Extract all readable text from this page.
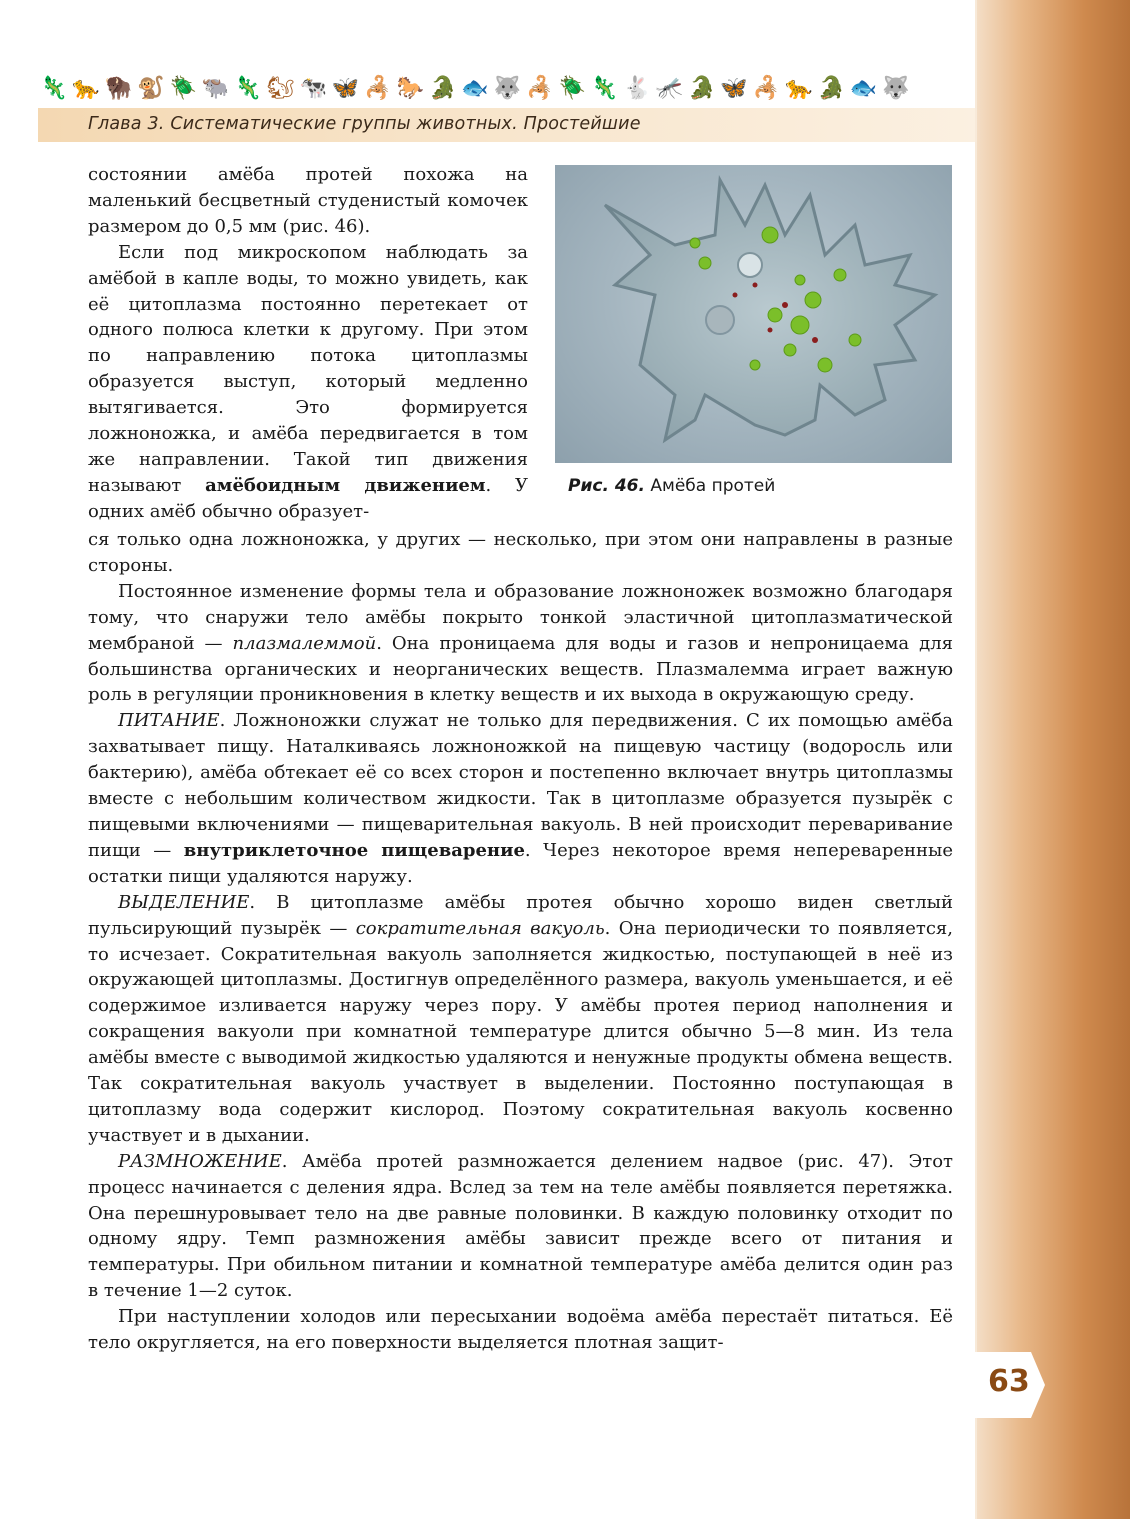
🦎 🐆 🦬 🐒 🪲 🐃 🦎 🐿 🐄 🦋 🦂 🐎 🐊 🐟 🐺 🦂 🪲 🦎 🐇 🦟 🐊 🦋 🦂 🐆 🐊 🐟 🐺
Глава 3. Систематические группы животных. Простейшие
Рис. 46. Амёба протей

состоянии амёба протей похожа на маленький бесцветный студенистый комочек размером до 0,5 мм (рис. 46).

Если под микроскопом наблюдать за амёбой в капле воды, то можно увидеть, как её цитоплазма постоянно перетекает от одного полюса клетки к другому. При этом по направлению потока цитоплазмы образуется выступ, который медленно вытягивается. Это формируется ложноножка, и амёба передвигается в том же направлении. Такой тип движения называют амёбоидным движением. У одних амёб обычно образует-

ся только одна ложноножка, у других — несколько, при этом они направлены в разные стороны.

Постоянное изменение формы тела и образование ложноножек возможно благодаря тому, что снаружи тело амёбы покрыто тонкой эластичной цитоплазматической мембраной — плазмалеммой. Она проницаема для воды и газов и непроницаема для большинства органических и неорганических веществ. Плазмалемма играет важную роль в регуляции проникновения в клетку веществ и их выхода в окружающую среду.

ПИТАНИЕ. Ложноножки служат не только для передвижения. С их помощью амёба захватывает пищу. Наталкиваясь ложноножкой на пищевую частицу (водоросль или бактерию), амёба обтекает её со всех сторон и постепенно включает внутрь цитоплазмы вместе с небольшим количеством жидкости. Так в цитоплазме образуется пузырёк с пищевыми включениями — пищеварительная вакуоль. В ней происходит переваривание пищи — внутриклеточное пищеварение. Через некоторое время непереваренные остатки пищи удаляются наружу.

ВЫДЕЛЕНИЕ. В цитоплазме амёбы протея обычно хорошо виден светлый пульсирующий пузырёк — сократительная вакуоль. Она периодически то появляется, то исчезает. Сократительная вакуоль заполняется жидкостью, поступающей в неё из окружающей цитоплазмы. Достигнув определённого размера, вакуоль уменьшается, и её содержимое изливается наружу через пору. У амёбы протея период наполнения и сокращения вакуоли при комнатной температуре длится обычно 5—8 мин. Из тела амёбы вместе с выводимой жидкостью удаляются и ненужные продукты обмена веществ. Так сократительная вакуоль участвует в выделении. Постоянно поступающая в цитоплазму вода содержит кислород. Поэтому сократительная вакуоль косвенно участвует и в дыхании.

РАЗМНОЖЕНИЕ. Амёба протей размножается делением надвое (рис. 47). Этот процесс начинается с деления ядра. Вслед за тем на теле амёбы появляется перетяжка. Она перешнуровывает тело на две равные половинки. В каждую половинку отходит по одному ядру. Темп размножения амёбы зависит прежде всего от питания и температуры. При обильном питании и комнатной температуре амёба делится один раз в течение 1—2 суток.

При наступлении холодов или пересыхании водоёма амёба перестаёт питаться. Её тело округляется, на его поверхности выделяется плотная защит-

63
